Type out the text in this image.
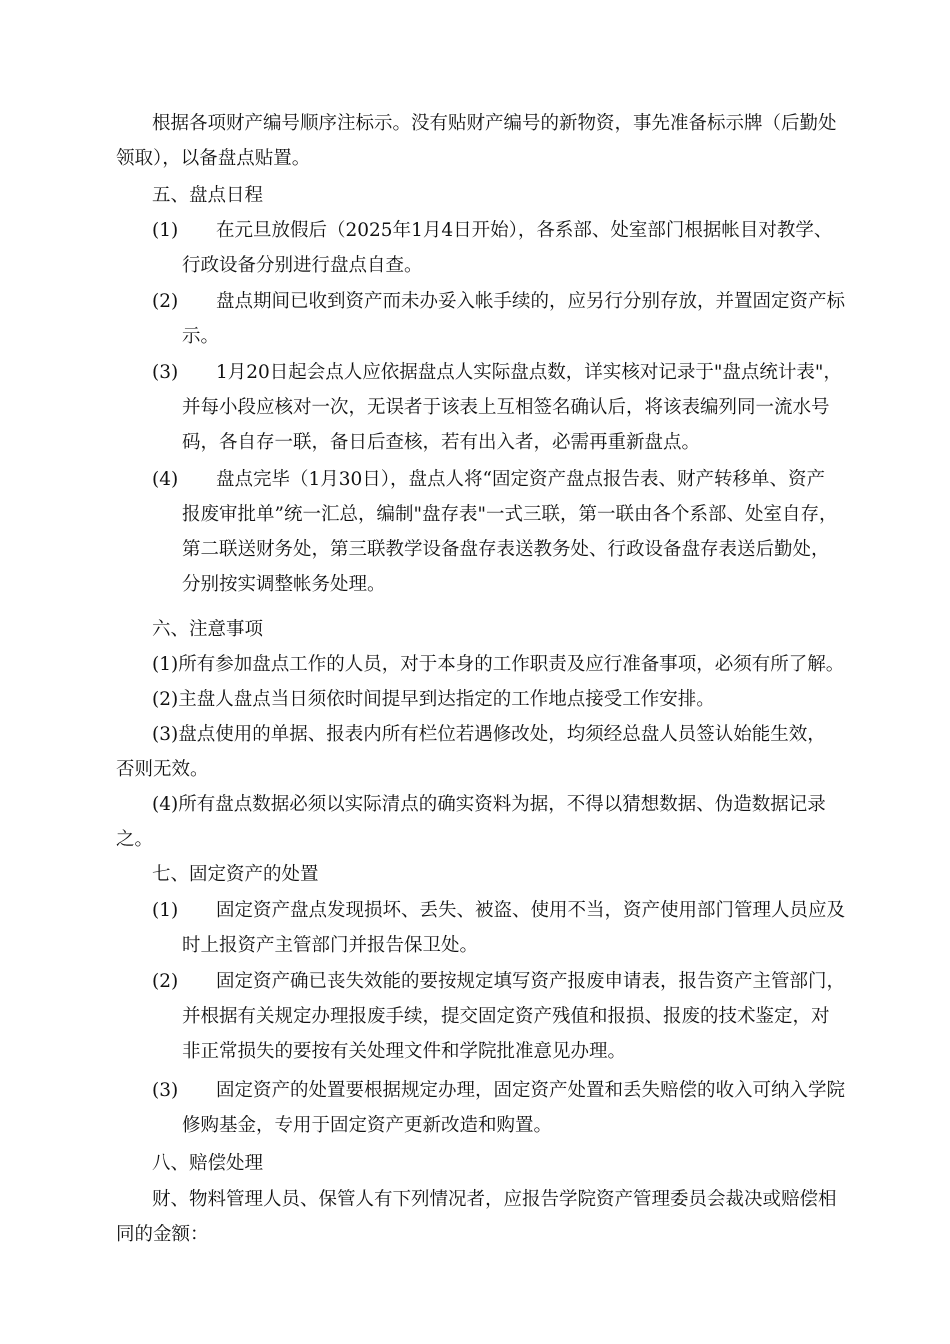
根据各项财产编号顺序注标示。没有贴财产编号的新物资，事先准备标示牌（后勤处
领取），以备盘点贴置。
五、盘点日程
(1)	在元旦放假后（2025年1月4日开始），各系部、处室部门根据帐目对教学、
行政设备分别进行盘点自查。
(2)	盘点期间已收到资产而未办妥入帐手续的，应另行分别存放，并置固定资产标
示。
(3)	1月20日起会点人应依据盘点人实际盘点数，详实核对记录于"盘点统计表"，
并每小段应核对一次，无误者于该表上互相签名确认后，将该表编列同一流水号
码，各自存一联，备日后查核，若有出入者，必需再重新盘点。
(4)	盘点完毕（1月30日），盘点人将“固定资产盘点报告表、财产转移单、资产
报废审批单”统一汇总，编制"盘存表"一式三联，第一联由各个系部、处室自存，
第二联送财务处，第三联教学设备盘存表送教务处、行政设备盘存表送后勤处，
分别按实调整帐务处理。
六、注意事项
(1)所有参加盘点工作的人员，对于本身的工作职责及应行准备事项，必须有所了解。
(2)主盘人盘点当日须依时间提早到达指定的工作地点接受工作安排。
(3)盘点使用的单据、报表内所有栏位若遇修改处，均须经总盘人员签认始能生效，
否则无效。
(4)所有盘点数据必须以实际清点的确实资料为据，不得以猜想数据、伪造数据记录
之。
七、固定资产的处置
(1)	固定资产盘点发现损坏、丢失、被盗、使用不当，资产使用部门管理人员应及
时上报资产主管部门并报告保卫处。
(2)	固定资产确已丧失效能的要按规定填写资产报废申请表，报告资产主管部门，
并根据有关规定办理报废手续，提交固定资产残值和报损、报废的技术鉴定，对
非正常损失的要按有关处理文件和学院批准意见办理。
(3)	固定资产的处置要根据规定办理，固定资产处置和丢失赔偿的收入可纳入学院
修购基金，专用于固定资产更新改造和购置。
八、赔偿处理
财、物料管理人员、保管人有下列情况者，应报告学院资产管理委员会裁决或赔偿相
同的金额：
